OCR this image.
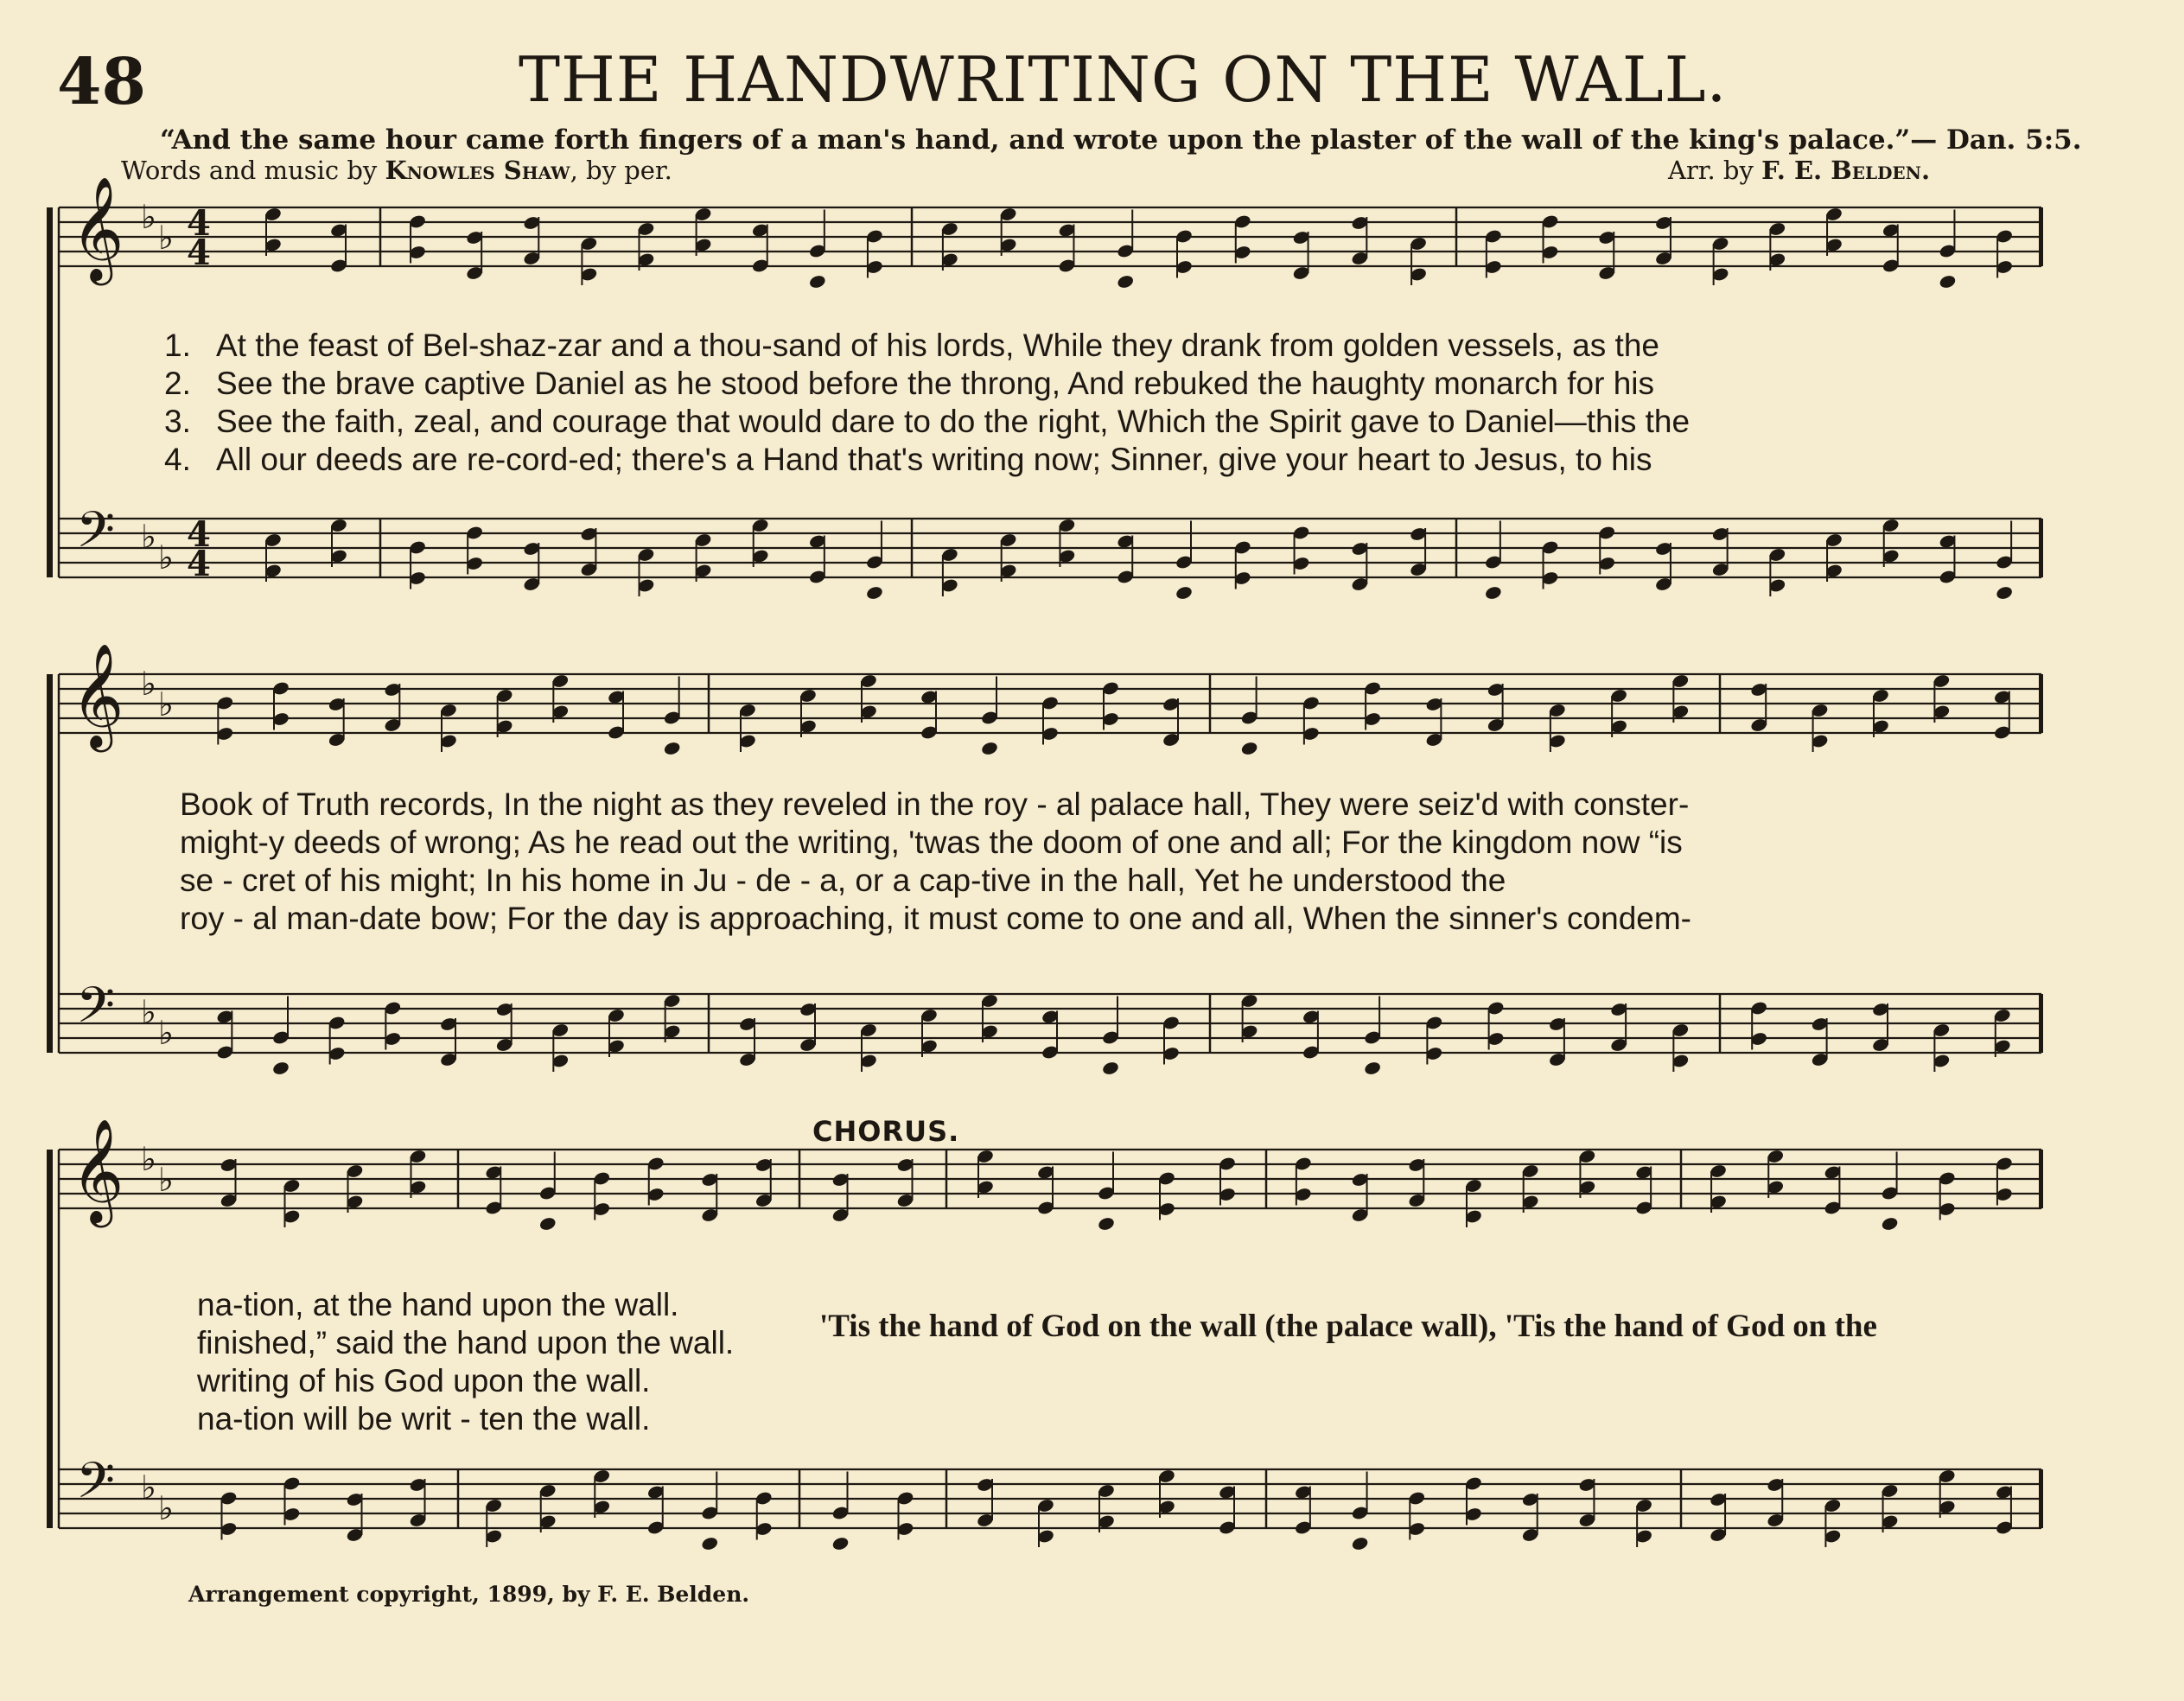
48	THE HANDWRITING ON THE WALL.
“And the same hour came forth fingers of a man's hand, and wrote upon the plaster of the wall of the king's palace.”— Dan. 5:5.
Words and music by Knowles Shaw, by per.	Arr. by F. E. Belden.
𝄞
𝄢
♭
♭
♭
♭
4
4
4
4
𝄞
𝄢
♭
♭
♭
♭
𝄞
𝄢
♭
♭
♭
♭
CHORUS.
1. At the feast of Bel-shaz-zar and a thou-sand of his lords, While they drank from golden vessels, as the
2. See the brave captive Daniel as he stood before the throng, And rebuked the haughty monarch for his
3. See the faith, zeal, and courage that would dare to do the right, Which the Spirit gave to Daniel—this the
4. All our deeds are re-cord-ed; there's a Hand that's writing now; Sinner, give your heart to Jesus, to his
Book of Truth records, In the night as they reveled in the roy - al palace hall, They were seiz'd with conster-
might-y deeds of wrong; As he read out the writing, 'twas the doom of one and all; For the kingdom now “is
se - cret of his might; In his home in Ju - de - a, or a cap-tive in the hall, Yet he understood the
roy - al man-date bow; For the day is approaching, it must come to one and all, When the sinner's condem-
na-tion, at the hand upon the wall.
finished,” said the hand upon the wall.
writing of his God upon the wall.
na-tion will be writ - ten the wall.
'Tis the hand of God on the wall (the palace wall), 'Tis the hand of God on the
Arrangement copyright, 1899, by F. E. Belden.
